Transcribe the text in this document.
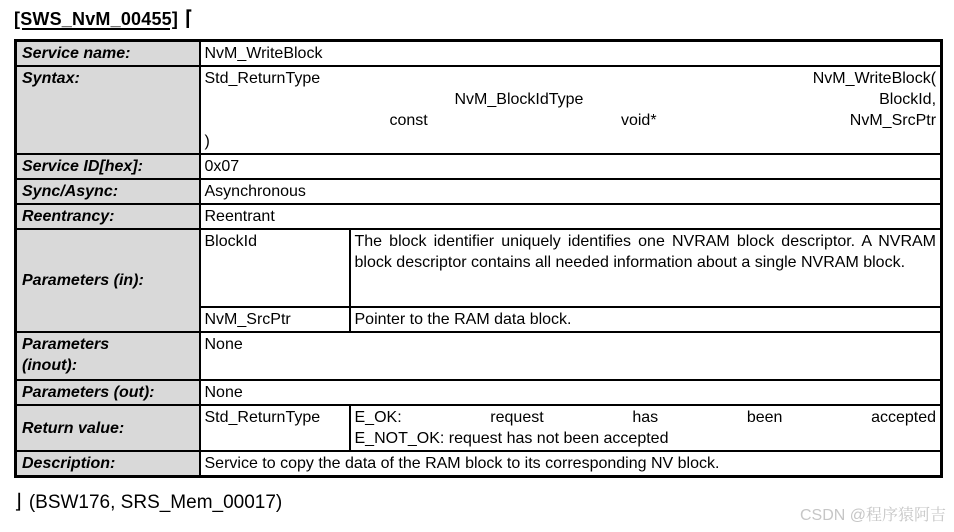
[SWS_NvM_00455] ⌈
Service name:	NvM_WriteBlock	
Syntax:	Std_ReturnType NvM_WriteBlock(
NvM_BlockIdType BlockId,
const void* NvM_SrcPtr
)	

Service ID[hex]:	0x07	
Sync/Async:	Asynchronous	
Reentrancy:	Reentrant	
Parameters (in):	BlockId	The block identifier uniquely identifies one NVRAM block descriptor. A NVRAM block descriptor contains all needed information about a single NVRAM block.
	NvM_SrcPtr	Pointer to the RAM data block.
Parameters (inout):	None	
Parameters (out):	None	
Return value:	Std_ReturnType	E_OK: request has been accepted
E_NOT_OK: request has not been accepted

Description:	Service to copy the data of the RAM block to its corresponding NV block.	
⌋ (BSW176, SRS_Mem_00017)
CSDN @程序猿阿吉
